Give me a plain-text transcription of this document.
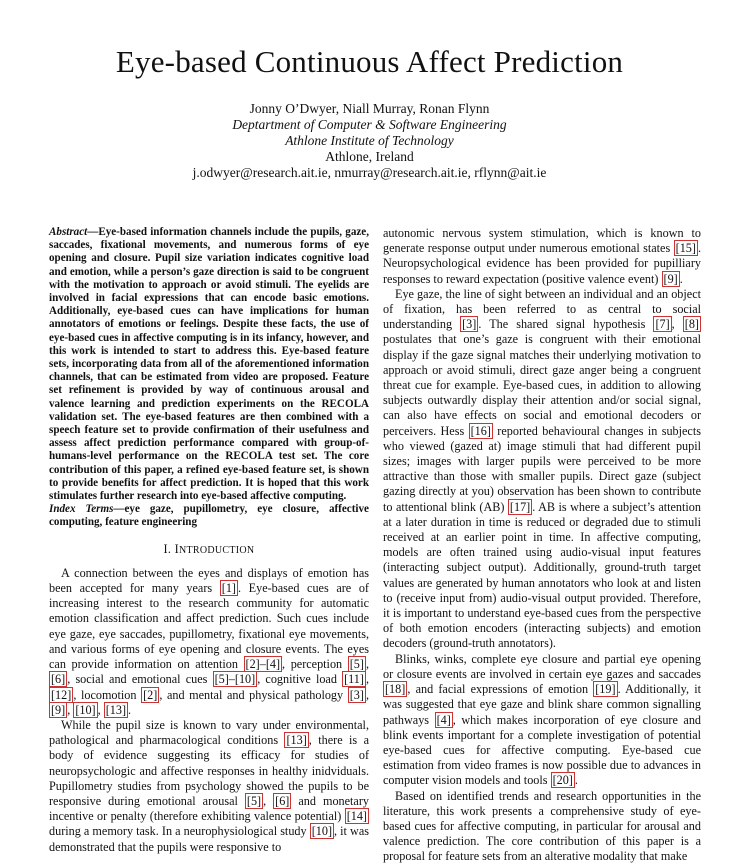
Eye-based Continuous Affect Prediction
Jonny O’Dwyer, Niall Murray, Ronan Flynn
Deptartment of Computer & Software Engineering
Athlone Institute of Technology
Athlone, Ireland
j.odwyer@research.ait.ie, nmurray@research.ait.ie, rflynn@ait.ie

Abstract—Eye-based information channels include the pupils, gaze, saccades, fixational movements, and numerous forms of eye opening and closure. Pupil size variation indicates cognitive load and emotion, while a person’s gaze direction is said to be congruent with the motivation to approach or avoid stimuli. The eyelids are involved in facial expressions that can encode basic emotions. Additionally, eye-based cues can have implications for human annotators of emotions or feelings. Despite these facts, the use of eye-based cues in affective computing is in its infancy, however, and this work is intended to start to address this. Eye-based feature sets, incorporating data from all of the aforementioned information channels, that can be estimated from video are proposed. Feature set refinement is provided by way of continuous arousal and valence learning and prediction experiments on the RECOLA validation set. The eye-based features are then combined with a speech feature set to provide confirmation of their usefulness and assess affect prediction performance compared with group-of-humans-level performance on the RECOLA test set. The core contribution of this paper, a refined eye-based feature set, is shown to provide benefits for affect prediction. It is hoped that this work stimulates further research into eye-based affective computing.

Index Terms—eye gaze, pupillometry, eye closure, affective computing, feature engineering

I. INTRODUCTION

A connection between the eyes and displays of emotion has been accepted for many years [1] . Eye-based cues are of increasing interest to the research community for automatic emotion classification and affect prediction. Such cues include eye gaze, eye saccades, pupillometry, fixational eye movements, and various forms of eye opening and closure events. The eyes can provide information on attention [2]–[4] , perception [5] , [6] , social and emotional cues [5]–[10] , cognitive load [11] , [12] , locomotion [2] , and mental and physical pathology [3] , [9] , [10] , [13] .

While the pupil size is known to vary under environmental, pathological and pharmacological conditions [13] , there is a body of evidence suggesting its efficacy for studies of neuropsychologic and affective responses in healthy inidviduals. Pupillometry studies from psychology showed the pupils to be responsive during emotional arousal [5] , [6] and monetary incentive or penalty (therefore exhibiting valence potential) [14] during a memory task. In a neurophysiological study [10] , it was demonstrated that the pupils were responsive to

autonomic nervous system stimulation, which is known to generate response output under numerous emotional states [15] . Neuropsychological evidence has been provided for pupilliary responses to reward expectation (positive valence event) [9] .

Eye gaze, the line of sight between an individual and an object of fixation, has been referred to as central to social understanding [3] . The shared signal hypothesis [7] , [8] postulates that one’s gaze is congruent with their emotional display if the gaze signal matches their underlying motivation to approach or avoid stimuli, direct gaze anger being a congruent threat cue for example. Eye-based cues, in addition to allowing subjects outwardly display their attention and/or social signal, can also have effects on social and emotional decoders or perceivers. Hess [16] reported behavioural changes in subjects who viewed (gazed at) image stimuli that had different pupil sizes; images with larger pupils were perceived to be more attractive than those with smaller pupils. Direct gaze (subject gazing directly at you) observation has been shown to contribute to attentional blink (AB) [17] . AB is where a subject’s attention at a later duration in time is reduced or degraded due to stimuli received at an earlier point in time. In affective computing, models are often trained using audio-visual input features (interacting subject output). Additionally, ground-truth target values are generated by human annotators who look at and listen to (receive input from) audio-visual output provided. Therefore, it is important to understand eye-based cues from the perspective of both emotion encoders (interacting subjects) and emotion decoders (ground-truth annotators).

Blinks, winks, complete eye closure and partial eye opening or closure events are involved in certain eye gazes and saccades [18] , and facial expressions of emotion [19] . Additionally, it was suggested that eye gaze and blink share common signalling pathways [4] , which makes incorporation of eye closure and blink events important for a complete investigation of potential eye-based cues for affective computing. Eye-based cue estimation from video frames is now possible due to advances in computer vision models and tools [20] .

Based on identified trends and research opportunities in the literature, this work presents a comprehensive study of eye-based cues for affective computing, in particular for arousal and valence prediction. The core contribution of this paper is a proposal for feature sets from an alterative modality that make
